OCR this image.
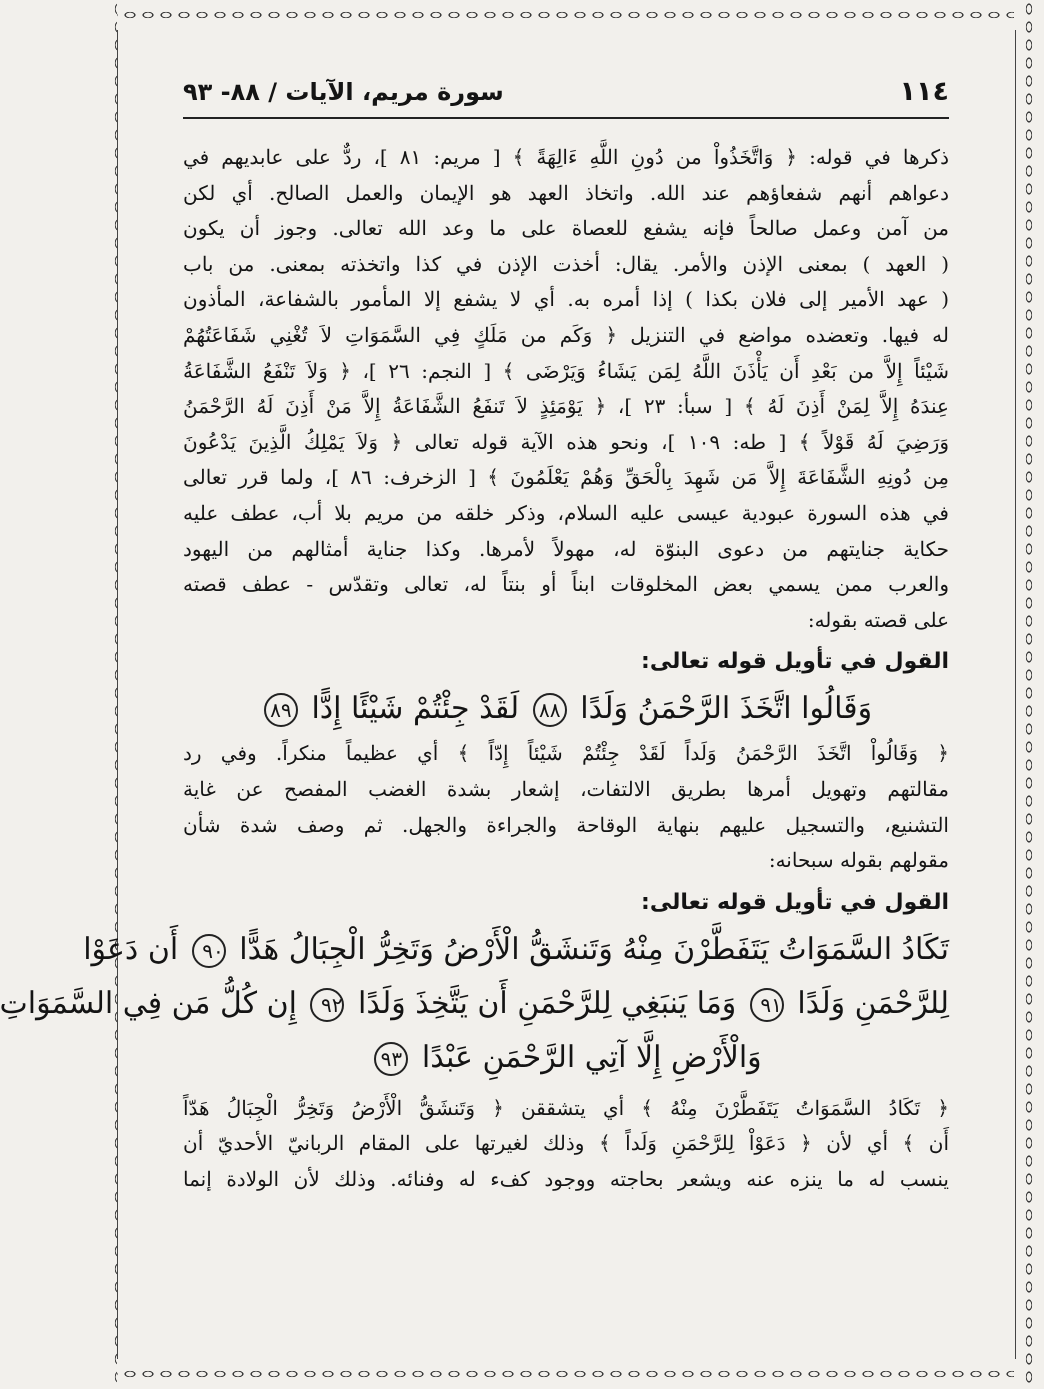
١١٤
سورة مريم، الآيات / ٨٨- ٩٣

ذكرها في قوله: ﴿ وَاتَّخَذُواْ من دُونِ اللَّهِ ءَالِهَةً ﴾ [ مريم: ٨١ ]، ردٌّ على عابديهم في
دعواهم أنهم شفعاؤهم عند الله. واتخاذ العهد هو الإيمان والعمل الصالح. أي لكن
من آمن وعمل صالحاً فإنه يشفع للعصاة على ما وعد الله تعالى. وجوز أن يكون
( العهد ) بمعنى الإذن والأمر. يقال: أخذت الإذن في كذا واتخذته بمعنى. من باب
( عهد الأمير إلى فلان بكذا ) إذا أمره به. أي لا يشفع إلا المأمور بالشفاعة، المأذون
له فيها. وتعضده مواضع في التنزيل ﴿ وَكَم من مَلَكٍ فِي السَّمَوَاتِ لاَ تُغْنِي شَفَاعَتُهُمْ
شَيْئاً إِلاَّ من بَعْدِ أَن يَأْذَنَ اللَّهُ لِمَن يَشَاءُ وَيَرْضَى ﴾ [ النجم: ٢٦ ]، ﴿ وَلاَ تَنْفَعُ الشَّفَاعَةُ
عِندَهُ إِلاَّ لِمَنْ أَذِنَ لَهُ ﴾ [ سبأ: ٢٣ ]، ﴿ يَوْمَئِذٍ لاَ تَنفَعُ الشَّفَاعَةُ إِلاَّ مَنْ أَذِنَ لَهُ الرَّحْمَنُ
وَرَضِيَ لَهُ قَوْلاً ﴾ [ طه: ١٠٩ ]، ونحو هذه الآية قوله تعالى ﴿ وَلاَ يَمْلِكُ الَّذِينَ يَدْعُونَ
مِن دُونِهِ الشَّفَاعَةَ إِلاَّ مَن شَهِدَ بِالْحَقِّ وَهُمْ يَعْلَمُونَ ﴾ [ الزخرف: ٨٦ ]، ولما قرر تعالى
في هذه السورة عبودية عيسى عليه السلام، وذكر خلقه من مريم بلا أب، عطف عليه
حكاية جنايتهم من دعوى البنوّة له، مهولاً لأمرها. وكذا جناية أمثالهم من اليهود
والعرب ممن يسمي بعض المخلوقات ابناً أو بنتاً له، تعالى وتقدّس - عطف قصته
على قصته بقوله:

القول في تأويل قوله تعالى:
وَقَالُوا اتَّخَذَ الرَّحْمَنُ وَلَدًا ٨٨ لَقَدْ جِئْتُمْ شَيْئًا إِدًّا ٨٩

﴿ وَقَالُواْ اتَّخَذَ الرَّحْمَنُ وَلَداً لَقَدْ جِئْتُمْ شَيْئاً إِدّاً ﴾ أي عظيماً منكراً. وفي رد
مقالتهم وتهويل أمرها بطريق الالتفات، إشعار بشدة الغضب المفصح عن غاية
التشنيع، والتسجيل عليهم بنهاية الوقاحة والجراءة والجهل. ثم وصف شدة شأن
مقولهم بقوله سبحانه:

القول في تأويل قوله تعالى:
تَكَادُ السَّمَوَاتُ يَتَفَطَّرْنَ مِنْهُ وَتَنشَقُّ الْأَرْضُ وَتَخِرُّ الْجِبَالُ هَدًّا ٩٠ أَن دَعَوْا
لِلرَّحْمَنِ وَلَدًا ٩١ وَمَا يَنبَغِي لِلرَّحْمَنِ أَن يَتَّخِذَ وَلَدًا ٩٢ إِن كُلُّ مَن فِي السَّمَوَاتِ
وَالْأَرْضِ إِلَّا آتِي الرَّحْمَنِ عَبْدًا ٩٣

﴿ تَكَادُ السَّمَوَاتُ يَتَفَطَّرْنَ مِنْهُ ﴾ أي يتشققن ﴿ وَتَنشَقُّ الْأَرْضُ وَتَخِرُّ الْجِبَالُ هَدّاً
أَن ﴾ أي لأن ﴿ دَعَوْاْ لِلرَّحْمَنِ وَلَداً ﴾ وذلك لغيرتها على المقام الربانيّ الأحديّ أن
ينسب له ما ينزه عنه ويشعر بحاجته ووجود كفء له وفنائه. وذلك لأن الولادة إنما
